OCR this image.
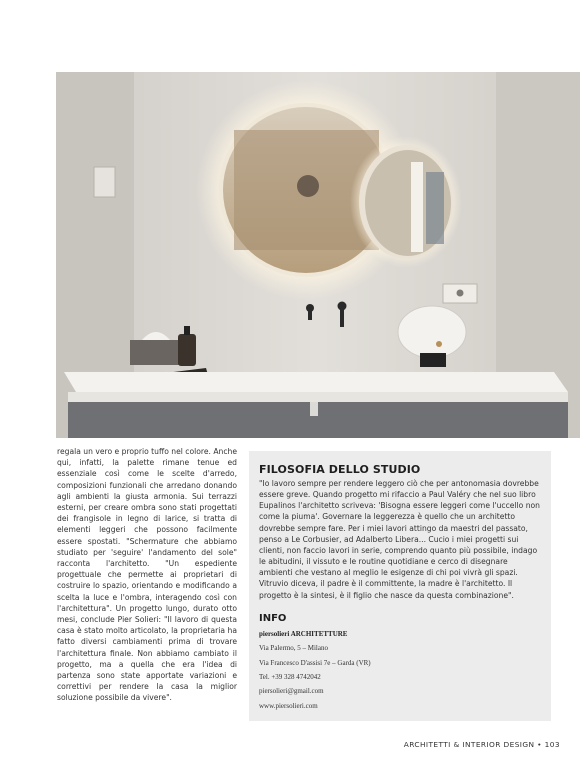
regala un vero e proprio tuffo nel colore. Anche qui, infatti, la palette rimane tenue ed essenziale così come le scelte d'arredo, composizioni funzionali che arredano donando agli ambienti la giusta armonia. Sui terrazzi esterni, per creare ombra sono stati progettati dei frangisole in legno di larice, si tratta di elementi leggeri che possono facilmente essere spostati. "Schermature che abbiamo studiato per 'seguire' l'andamento del sole" racconta l'architetto. "Un espediente progettuale che permette ai proprietari di costruire lo spazio, orientando e modificando a scelta la luce e l'ombra, interagendo così con l'architettura". Un progetto lungo, durato otto mesi, conclude Pier Solieri: "Il lavoro di questa casa è stato molto articolato, la proprietaria ha fatto diversi cambiamenti prima di trovare l'architettura finale. Non abbiamo cambiato il progetto, ma a quella che era l'idea di partenza sono state apportate variazioni e correttivi per rendere la casa la miglior soluzione possibile da vivere".

FILOSOFIA DELLO STUDIO

"Io lavoro sempre per rendere leggero ciò che per antonomasia dovrebbe essere greve. Quando progetto mi rifaccio a Paul Valéry che nel suo libro Eupalinos l'architetto scriveva: 'Bisogna essere leggeri come l'uccello non come la piuma'. Governare la leggerezza è quello che un architetto dovrebbe sempre fare. Per i miei lavori attingo da maestri del passato, penso a Le Corbusier, ad Adalberto Libera... Cucio i miei progetti sui clienti, non faccio lavori in serie, comprendo quanto più possibile, indago le abitudini, il vissuto e le routine quotidiane e cerco di disegnare ambienti che vestano al meglio le esigenze di chi poi vivrà gli spazi. Vitruvio diceva, il padre è il committente, la madre è l'architetto. Il progetto è la sintesi, è il figlio che nasce da questa combinazione".

INFO
piersolieri ARCHITETTURE
Via Palermo, 5 – Milano
Via Francesco D'assisi 7e – Garda (VR)
Tel. +39 328 4742042
piersolieri@gmail.com
www.piersolieri.com
ARCHITETTI & INTERIOR DESIGN • 103
